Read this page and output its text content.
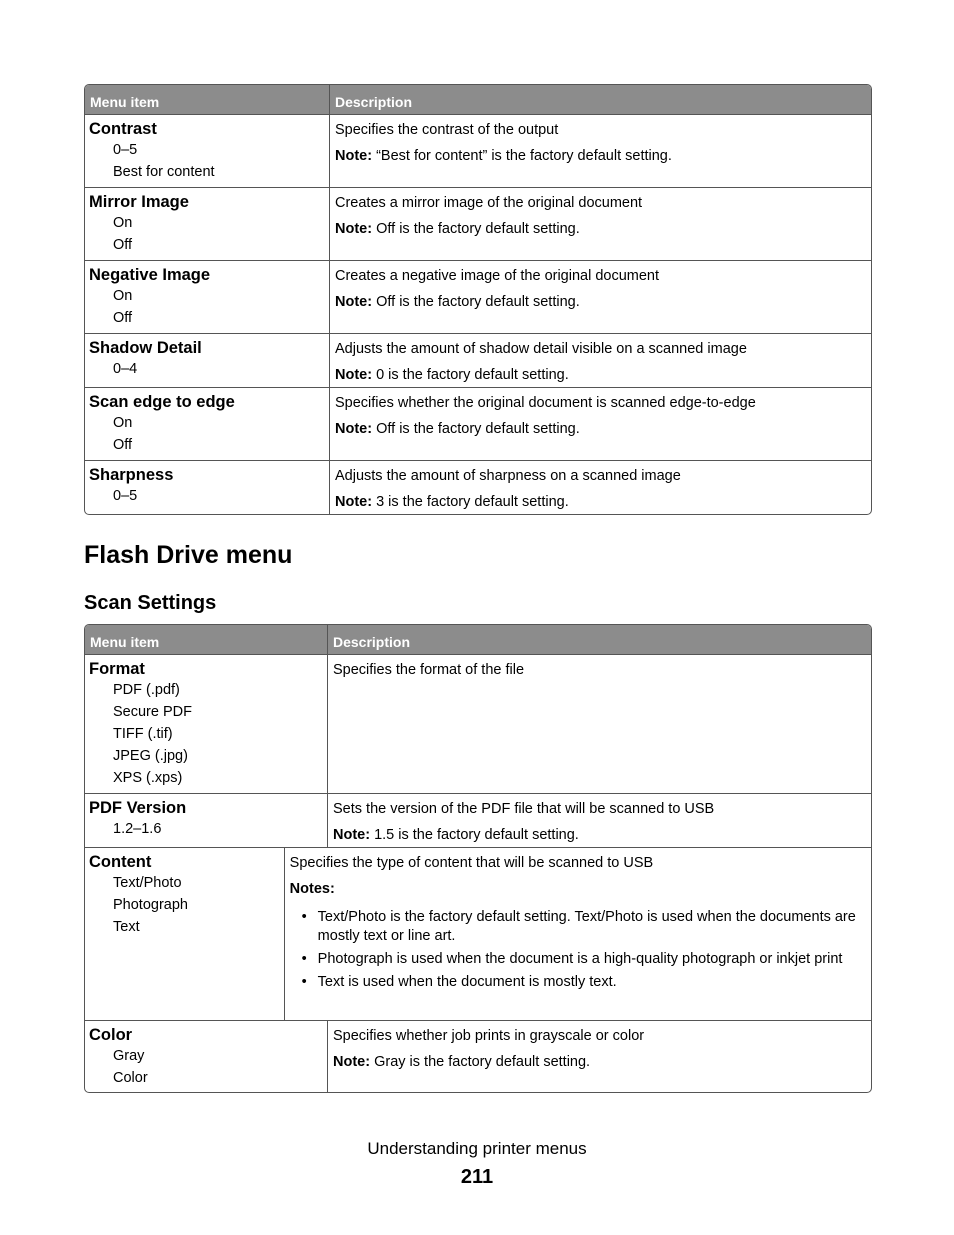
Menu item	Description
Contrast
0–5
Best for content
Specifies the contrast of the output
Note: “Best for content” is the factory default setting.
Mirror Image
On
Off
Creates a mirror image of the original document
Note: Off is the factory default setting.
Negative Image
On
Off
Creates a negative image of the original document
Note: Off is the factory default setting.
Shadow Detail
0–4
Adjusts the amount of shadow detail visible on a scanned image
Note: 0 is the factory default setting.
Scan edge to edge
On
Off
Specifies whether the original document is scanned edge-to-edge
Note: Off is the factory default setting.
Sharpness
0–5
Adjusts the amount of sharpness on a scanned image
Note: 3 is the factory default setting.
Flash Drive menu
Scan Settings
Menu item	Description
Format
PDF (.pdf)
Secure PDF
TIFF (.tif)
JPEG (.jpg)
XPS (.xps)
Specifies the format of the file
PDF Version
1.2–1.6
Sets the version of the PDF file that will be scanned to USB
Note: 1.5 is the factory default setting.
Content
Text/Photo
Photograph
Text
Specifies the type of content that will be scanned to USB
Notes:
• Text/Photo is the factory default setting. Text/Photo is used when the documents are mostly text or line art.
• Photograph is used when the document is a high-quality photograph or inkjet print
• Text is used when the document is mostly text.
Color
Gray
Color
Specifies whether job prints in grayscale or color
Note: Gray is the factory default setting.
Understanding printer menus
211
